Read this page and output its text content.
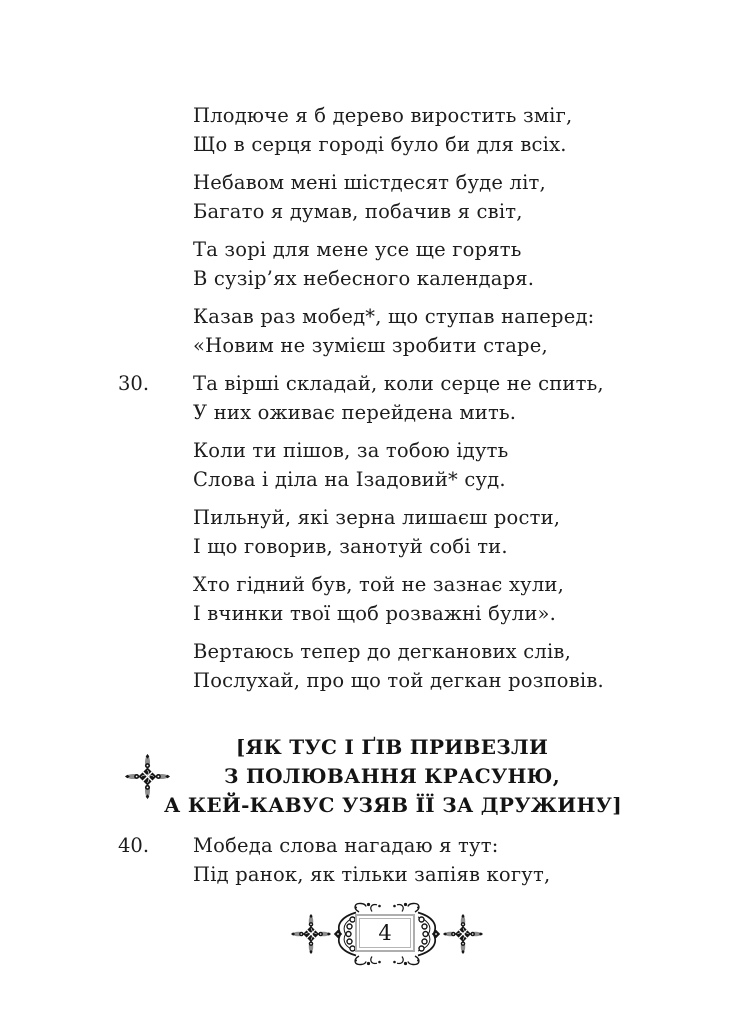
Плодюче я б дерево виростить зміг,

Що в серця городі було би для всіх.

Небавом мені шістдесят буде літ,

Багато я думав, побачив я світ,

Та зорі для мене усе ще горять

В сузір’ях небесного календаря.

Казав раз мобед*, що ступав наперед:

«Новим не зумієш зробити старе,

30. Та вірші складай, коли серце не спить,

У них оживає перейдена мить.

Коли ти пішов, за тобою ідуть

Слова і діла на Ізадовий* суд.

Пильнуй, які зерна лишаєш рости,

І що говорив, занотуй собі ти.

Хто гідний був, той не зазнає хули,

І вчинки твої щоб розважні були».

Вертаюсь тепер до дегканових слів,

Послухай, про що той дегкан розповів.

[ЯК ТУС І ҐІВ ПРИВЕЗЛИ
З ПОЛЮВАННЯ КРАСУНЮ,
А КЕЙ-КАВУС УЗЯВ ЇЇ ЗА ДРУЖИНУ]
40. Мобеда слова нагадаю я тут:

Під ранок, як тільки запіяв когут,

4
